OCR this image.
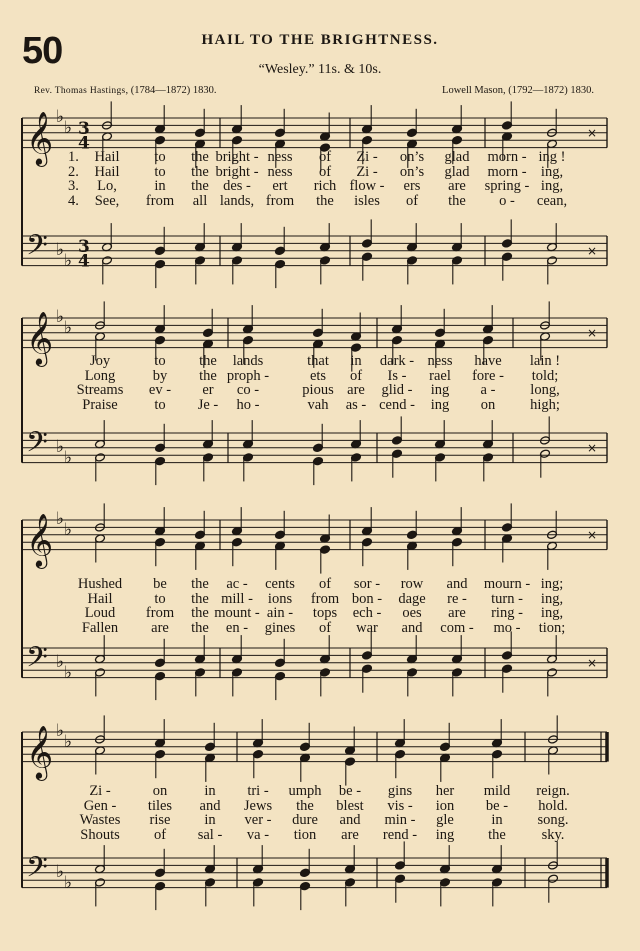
50	HAIL TO THE BRIGHTNESS.
“Wesley.” 11s. & 10s.
Rev. Thomas Hastings, (1784—1872) 1830.	Lowell Mason, (1792—1872) 1830.
𝄞
𝄢
♭
♭
♭
♭
3
4
3
4
×
×
𝄞
𝄢
♭
♭
♭
♭
×
×
𝄞
𝄢
♭
♭
♭
♭
×
×
𝄞
𝄢
♭
♭
♭
♭
1.
2.
3.
4.
Hail to the bright - ness of Zi - on’s glad morn - ing !
Hail to the bright - ness of Zi - on’s glad morn - ing,
Lo,	in the des - ert rich flow - ers are spring - ing,
See, from all lands, from the isles of the o - cean,
Joy	to the lands	that in dark - ness have lain !
Long	by the proph -	ets of Is - rael fore - told;
Streams ev - er co -	pious are glid - ing a - long,
Praise	to Je - ho -	vah as - cend - ing on high;
Hushed be the ac - cents of sor - row and mourn - ing;
Hail	to the mill - ions from bon - dage re - turn - ing,
Loud from the mount - ain - tops ech - oes are ring - ing,
Fallen are the en - gines of war and com - mo - tion;
Zi -	on	in tri - umph be - gins her mild reign.
Gen - tiles and Jews the blest vis - ion be - hold.
Wastes rise in ver - dure and min - gle	in song.
Shouts of sal - va - tion are rend - ing the sky.
